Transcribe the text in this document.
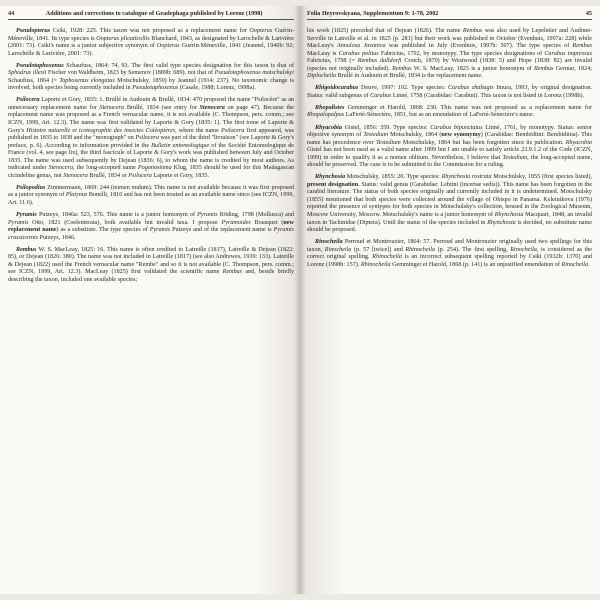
44	Additions and corrections to catalogue of Geadephaga published by Lorenz (1998)

Pseudopterus Csiki, 1928: 225. This taxon was not proposed as a replacement name for Oopterus Guérin-Méneville, 1841. Its type species is Oopterus plicaticollis Blanchard, 1843, as designated by Larochelle & Larivière (2001: 73). Csiki's name is a junior subjective synonym of Oopterus Guérin-Méneville, 1841 (Jeannel, 1940b: 92; Larochelle & Larivière, 2001: 73).

Pseudotaphoxenus Schaufuss, 1864: 74, 93. The first valid type species designation for this taxon is that of Sphodrus illesii Fischer von Waldheim, 1823 by Semenov (1889b: 689), not that of Pseudotaphoxenus motschulskyi Schaufuss, 1864 (= Taphoxenus elongatus Motschulsky, 1850) by Jeannel (1914: 237). No taxonomic change is involved, both species being currently included in Pseudotaphoxenus (Casale, 1988; Lorenz, 1998a).

Psilocera Laporte et Gory, 1835: 1. Brullé in Audouin & Brullé, 1834: 470 proposed the name "Psilocère" as an unnecessary replacement name for Stenocera Brullé, 1834 (see entry for Stenocera on page 47). Because the replacement name was proposed as a French vernacular name, it is not available (C. Thompson, pers. comm.; see ICZN, 1999, Art. 12.3). The name was first validated by Laporte & Gory (1835: 1). The first tome of Laporte & Gory's Histoire naturelle et iconographie des insectes Coléoptères, where the name Psilocera first appeared, was published in 1835 to 1838 and the "monograph" on Psilocera was part of the third "livraison" (see Laporte & Gory's preface, p. 6). According to information provided in the Bulletin entomologique of the Société Entomologique de France (vol. 4, see page lix), the third fascicule of Laporte & Gory's work was published between July and October 1835. The name was used subsequently by Dejean (1836: 6), to whom the name is credited by most authors. As indicated under Stenocera, the long-accepted name Pogonostoma Klug, 1835 should be used for this Madagascan cicindeline genus, not Stenocera Brullé, 1834 or Psilocera Laporte et Gory, 1835.

Psilopodius Zimmermann, 1869: 244 (nomen nudum). This name is not available because it was first proposed as a junior synonym of Platynus Bonelli, 1810 and has not been treated as an available name since (see ICZN, 1999, Art. 11.6).

Pyramis Putzeys, 1846a: 523, 576. This name is a junior homonym of Pyramis Röding, 1798 (Mollusca) and Pyramis Otto, 1821 (Coelenterata), both available but invalid taxa. I propose Pyramoides Bousquet (new replacement name) as a substitute. The type species of Pyramis Putzeys and of the replacement name is Pyramis crassicornis Putzeys, 1846.

Rembus W. S. MacLeay, 1825: 16. This name is often credited to Latreille (1817), Latreille & Dejean (1822: 85), or Dejean (1826: 380). The name was not included in Latreille (1817) (see also Andrewes, 1939: 133). Latreille & Dejean (1822) used the French vernacular name "Rembe" and so it is not available (C. Thompson, pers. comm.; see ICZN, 1999, Art. 12.3). MacLeay (1825) first validated the scientific name Rembus and, beside briefly describing the taxon, included one available species;

Folia Heyrovskyana, Supplementum 9: 1-78, 2002	45

his work (1825) preceded that of Dejean (1826). The name Rembus was also used by Lepeletier and Audinet-Serville in Latreille et al. in 1825 (p. 281) but their work was published in October (Evenhuis, 1997a: 228) while MacLeay's Annulosa Javanica was published in July (Evenhuis, 1997b: 507). The type species of Rembus MacLeay is Carabus politus Fabricius, 1792, by monotypy. The type species designations of Carabus impressus Fabricius, 1798 (= Rembus dalldorfi Crotch, 1870) by Westwood (1838: 5) and Hope (1838: 82) are invalid (species not originally included). Rembus W. S. MacLeay, 1825 is a junior homonym of Rembus Germar, 1824; Diplocheila Brullé in Audouin et Brullé, 1834 is the replacement name.

Rhigoidocarabus Deuve, 1997: 192. Type species: Carabus zhabagis Imura, 1993, by original designation. Status: valid subgenus of Carabus Linné, 1758 (Carabidae: Carabini). This taxon is not listed in Lorenz (1998b).

Rhopalistes Gemminger et Harold, 1868: 230. This name was not proposed as a replacement name for Rhopalopalpus LaFerté-Sénectère, 1851, but as an emendation of LaFerté-Sénectère's name.

Rhyacobia Gistel, 1856: 359. Type species: Carabus bipunctatus Linné, 1761, by monotypy. Status: senior objective synonym of Testedium Motschulsky, 1864 (new synonymy) (Carabidae: Bembidiini: Bembidiina). This name has precedence over Testedium Motschulsky, 1864 but has been forgotten since its publication. Rhyacobia Gistel has not been used as a valid name after 1899 but I am unable to satisfy article 23.9.1.2 of the Code (ICZN, 1999) in order to qualify it as a nomen oblitum. Nevertheless, I believe that Testedium, the long-accepted name, should be preserved. The case is to be submitted to the Commission for a ruling.

Rhynchosia Motschulsky, 1855: 20. Type species: Rhynchosia rostrata Motschulsky, 1855 (first species listed), present designation. Status: valid genus (Carabidae: Lebiini (incertae sedis)). This name has been forgotten in the carabid literature. The status of both species originally and currently included in it is undetermined. Motschulsky (1855) mentioned that both species were collected around the village of Obispo in Panama. Keleinikova (1976) reported the presence of syntypes for both species in Motschulsky's collection, housed in the Zoological Museum, Moscow University, Moscow. Motschulsky's name is a junior homonym of Rhynchosia Macquart, 1848, an invalid taxon in Tachinidae (Diptera). Until the status of the species included in Rhynchosia is decided, no substitute name should be proposed.

Rinocheila Perroud et Montrouzier, 1864: 57. Perroud and Montrouzier originally used two spellings for this taxon, Rinocheila (p. 57 [twice]) and Rhinocheila (p. 254). The first spelling, Rinocheila, is considered as the correct original spelling. Rhinocheila is an incorrect subsequent spelling reported by Csiki (1932b: 1370) and Lorenz (1998b: 157). Rhinocheila Gemminger et Harold, 1868 (p. 141) is an unjustified emendation of Rinocheila.
